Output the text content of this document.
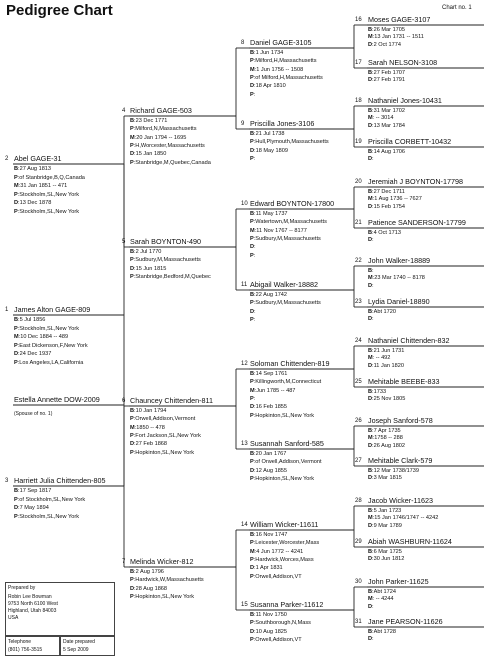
Pedigree Chart	Chart no. 1
1 James Alton GAGE-809
B:5 Jul 1856
P:Stockholm,SL,New York
M:10 Dec 1884 -- 489
P:East Dickenson,F,New York
D:24 Dec 1937
P:Los Angeles,LA,California
Estella Annette DOW-2009
2 Abel GAGE-31
B:27 Aug 1813
P:of Stanbridge,B,Q,Canada
M:31 Jan 1851 -- 471
P:Stockholm,SL,New York
D:13 Dec 1878
P:Stockholm,SL,New York
3 Harriett Julia Chittenden-805
B:17 Sep 1817
P:of Stockholm,SL,New York
D:7 May 1894
P:Stockholm,SL,New York
4 Richard GAGE-503
B:23 Dec 1771
P:Milford,N,Massachusetts
M:20 Jan 1794 -- 1695
P:H,Worcester,Massachusetts
D:15 Jan 1850
P:Stanbridge,M,Quebec,Canada
5 Sarah BOYNTON-490
B:2 Jul 1770
P:Sudbury,M,Massachusetts
D:15 Jun 1815
P:Stanbridge,Bedford,M,Quebec
6 Chauncey Chittenden-811
B:10 Jan 1794
P:Orwell,Addison,Vermont
M:1850 -- 478
P:Fort Jackson,SL,New York
D:27 Feb 1868
P:Hopkinton,SL,New York
7 Melinda Wicker-812
B:2 Aug 1796
P:Hardwick,W,Massachusetts
D:28 Aug 1868
P:Hopkinton,SL,New York
8 Daniel GAGE-3105
B:1 Jun 1734
P:Milford,H,Massachusetts
M:1 Jun 1756 -- 1508
P:of Milford,H,Massachusetts
D:18 Apr 1810
P:
9 Priscilla Jones-3106
B:21 Jul 1738
P:Hull,Plymouth,Massachusetts
D:18 May 1809
P:
10 Edward BOYNTON-17800
B:11 May 1737
P:Watertown,M,Massachusetts
M:11 Nov 1767 -- 8177
P:Sudbury,M,Massachusetts
D:
P:
11 Abigail Walker-18882
B:22 Aug 1742
P:Sudbury,M,Massachusetts
D:
P:
12 Soloman Chittenden-819
B:14 Sep 1761
P:Killingworth,M,Connecticut
M:Jun 1785 -- 487
P:
D:16 Feb 1855
P:Hopkinton,SL,New York
13 Susannah Sanford-585
B:20 Jan 1767
P:of Orwell,Addison,Vermont
D:12 Aug 1855
P:Hopkinton,SL,New York
14 William Wicker-11611
B:16 Nov 1747
P:Leicester,Worcester,Mass
M:4 Jun 1772 -- 4241
P:Hardwick,Worces,Mass
D:1 Apr 1831
P:Orwell,Addison,VT
15 Susanna Parker-11612
B:11 Nov 1750
P:Southborough,N,Mass
D:10 Aug 1825
P:Orwell,Addison,VT
16 Moses GAGE-3107
B:26 Mar 1705
M:13 Jan 1731 -- 1511
D:2 Oct 1774
17 Sarah NELSON-3108
B:27 Feb 1707
D:27 Feb 1791
18 Nathaniel Jones-10431
B:31 Mar 1702
M: -- 3014
D:13 Mar 1784
19 Priscilla CORBETT-10432
B:14 Aug 1706
D:
20 Jeremiah J BOYNTON-17798
B:27 Dec 1711
M:1 Aug 1736 -- 7627
D:15 Feb 1754
21 Patience SANDERSON-17799
B:4 Oct 1713
D:
22 John Walker-18889
B:
M:23 Mar 1740 -- 8178
D:
23 Lydia Daniel-18890
B:Abt 1720
D:
24 Nathaniel Chittenden-832
B:21 Jun 1731
M: -- 492
D:11 Jan 1820
25 Mehitable BEEBE-833
B:1733
D:25 Nov 1805
26 Joseph Sanford-578
B:7 Apr 1735
M:1758 -- 288
D:26 Aug 1802
27 Mehitable Clark-579
B:12 Mar 1738/1739
D:3 Mar 1815
28 Jacob Wicker-11623
B:5 Jan 1723
M:15 Jan 1746/1747 -- 4242
D:9 Mar 1789
29 Abiah WASHBURN-11624
B:6 Mar 1725
D:30 Jun 1812
30 John Parker-11625
B:Abt 1724
M: -- 4244
D:
31 Jane PEARSON-11626
B:Abt 1728
D:
(Spouse of no. 1)
Prepared by
Robin Lee Bowman
9753 North 6100 West
Highland, Utah 84003
USA
Telephone
(801) 756-3515
Date prepared
5 Sep 2009
